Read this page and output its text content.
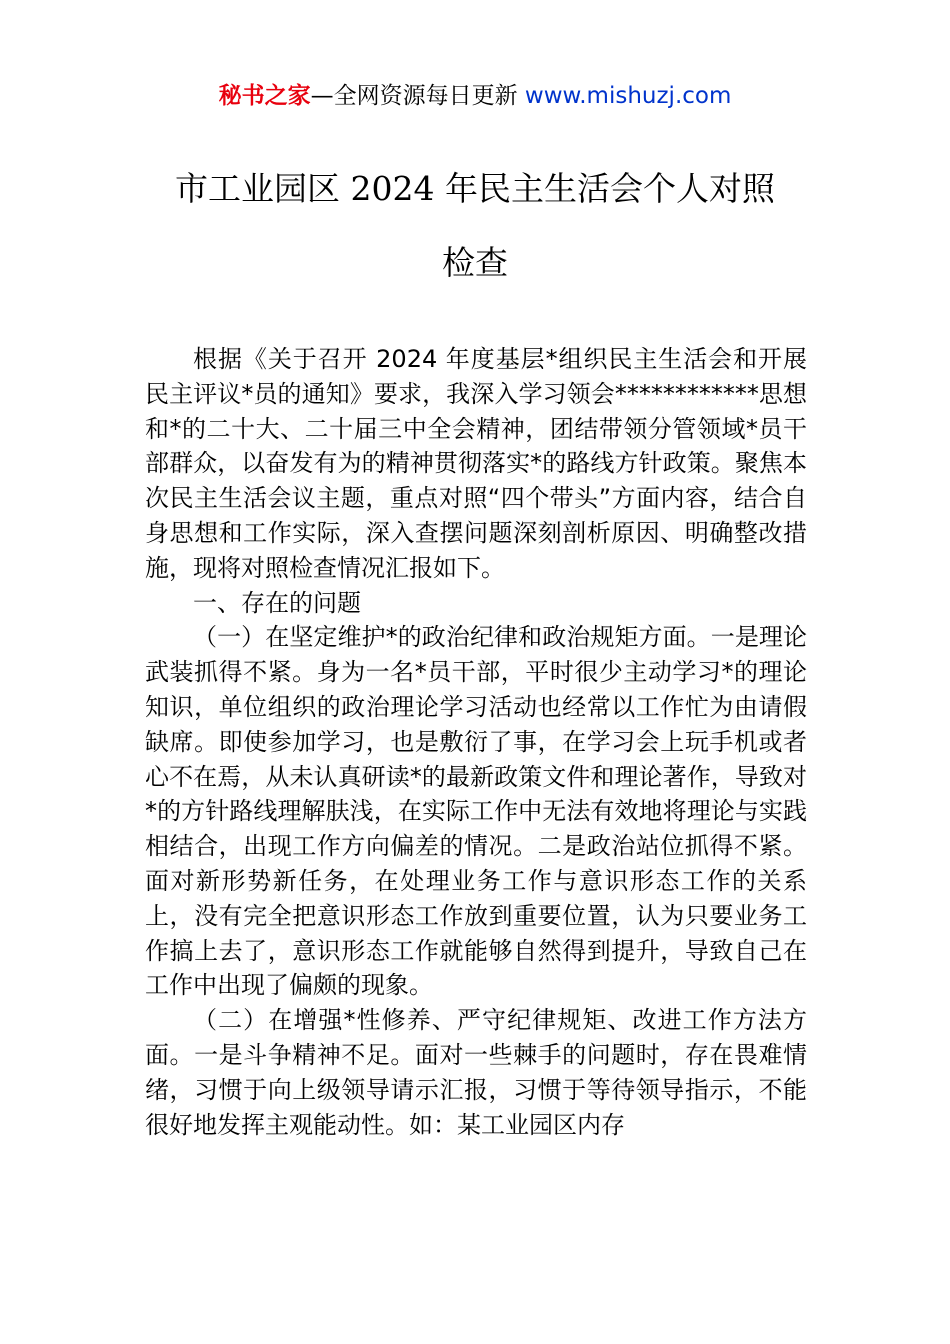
秘书之家—全网资源每日更新 www.mishuzj.com
市工业园区 2024 年民主生活会个人对照
检查

根据《关于召开 2024 年度基层*组织民主生活会和开展民主评议*员的通知》要求，我深入学习领会************思想和*的二十大、二十届三中全会精神，团结带领分管领域*员干部群众，以奋发有为的精神贯彻落实*的路线方针政策。聚焦本次民主生活会议主题，重点对照“四个带头”方面内容，结合自身思想和工作实际，深入查摆问题深刻剖析原因、明确整改措施，现将对照检查情况汇报如下。

一、存在的问题

（一）在坚定维护*的政治纪律和政治规矩方面。一是理论武装抓得不紧。身为一名*员干部，平时很少主动学习*的理论知识，单位组织的政治理论学习活动也经常以工作忙为由请假缺席。即使参加学习，也是敷衍了事，在学习会上玩手机或者心不在焉，从未认真研读*的最新政策文件和理论著作，导致对*的方针路线理解肤浅，在实际工作中无法有效地将理论与实践相结合，出现工作方向偏差的情况。二是政治站位抓得不紧。面对新形势新任务，在处理业务工作与意识形态工作的关系上，没有完全把意识形态工作放到重要位置，认为只要业务工作搞上去了，意识形态工作就能够自然得到提升，导致自己在工作中出现了偏颇的现象。

（二）在增强*性修养、严守纪律规矩、改进工作方法方面。一是斗争精神不足。面对一些棘手的问题时，存在畏难情绪，习惯于向上级领导请示汇报，习惯于等待领导指示，不能很好地发挥主观能动性。如：某工业园区内存
